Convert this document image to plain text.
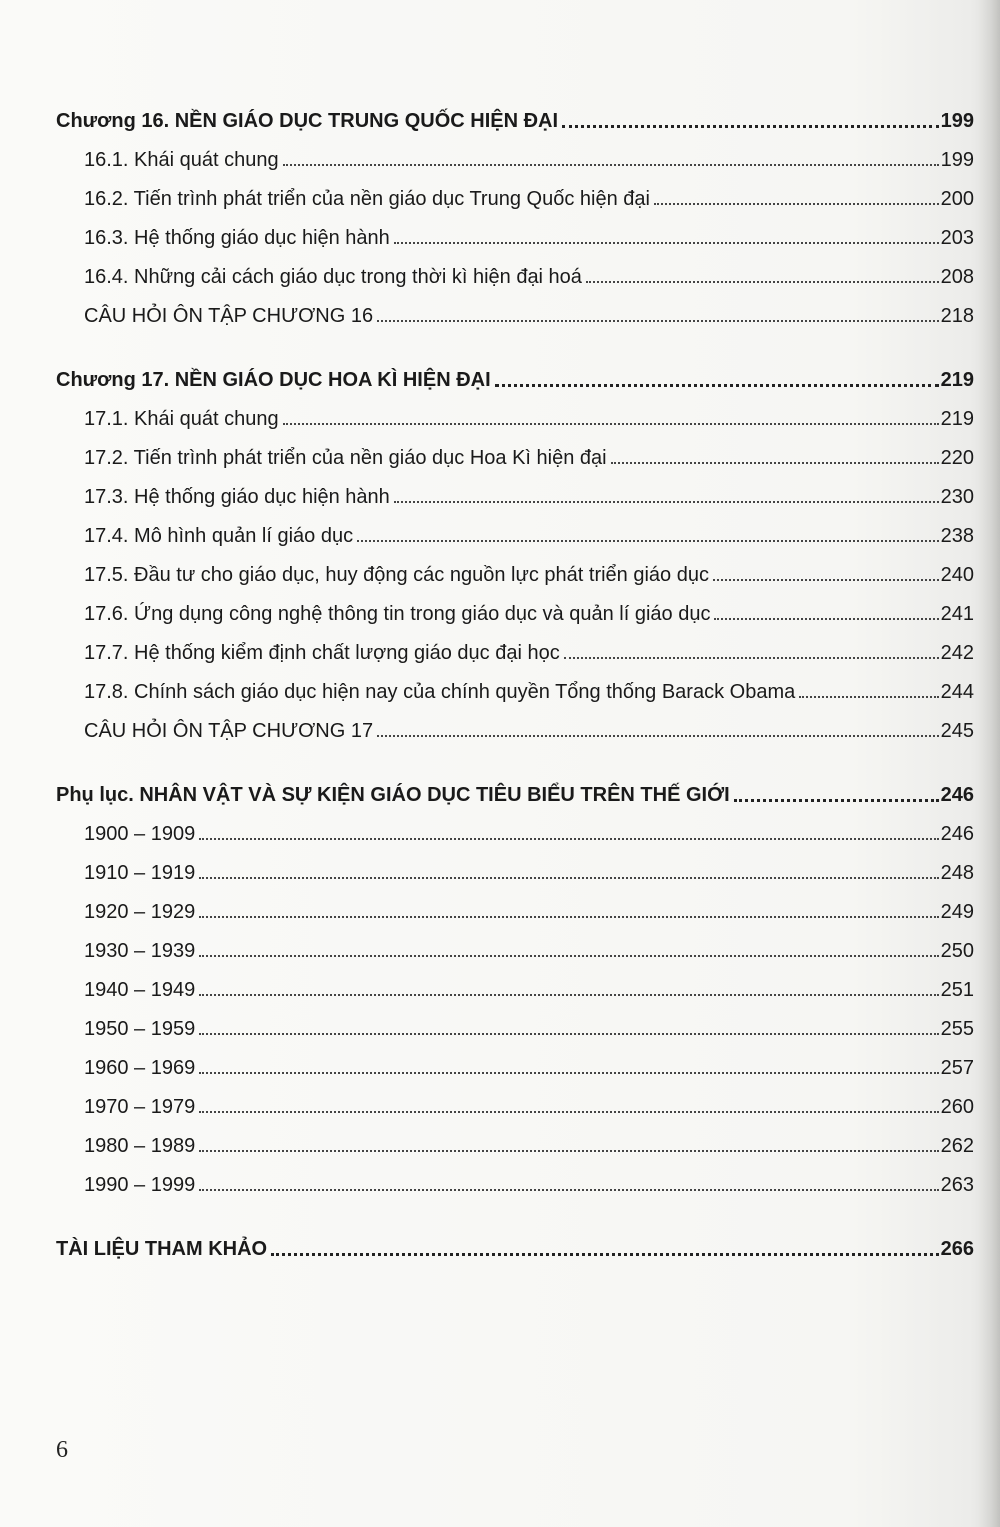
Chương 16. NỀN GIÁO DỤC TRUNG QUỐC HIỆN ĐẠI	199
16.1. Khái quát chung	199
16.2. Tiến trình phát triển của nền giáo dục Trung Quốc hiện đại	200
16.3. Hệ thống giáo dục hiện hành	203
16.4. Những cải cách giáo dục trong thời kì hiện đại hoá	208
CÂU HỎI ÔN TẬP CHƯƠNG 16	218
Chương 17. NỀN GIÁO DỤC HOA KÌ HIỆN ĐẠI	219
17.1. Khái quát chung	219
17.2. Tiến trình phát triển của nền giáo dục Hoa Kì hiện đại	220
17.3. Hệ thống giáo dục hiện hành	230
17.4. Mô hình quản lí giáo dục	238
17.5. Đầu tư cho giáo dục, huy động các nguồn lực phát triển giáo dục	240
17.6. Ứng dụng công nghệ thông tin trong giáo dục và quản lí giáo dục	241
17.7. Hệ thống kiểm định chất lượng giáo dục đại học	242
17.8. Chính sách giáo dục hiện nay của chính quyền Tổng thống Barack Obama	244
CÂU HỎI ÔN TẬP CHƯƠNG 17	245
Phụ lục. NHÂN VẬT VÀ SỰ KIỆN GIÁO DỤC TIÊU BIỂU TRÊN THẾ GIỚI	246
1900 – 1909	246
1910 – 1919	248
1920 – 1929	249
1930 – 1939	250
1940 – 1949	251
1950 – 1959	255
1960 – 1969	257
1970 – 1979	260
1980 – 1989	262
1990 – 1999	263
TÀI LIỆU THAM KHẢO	266
6
